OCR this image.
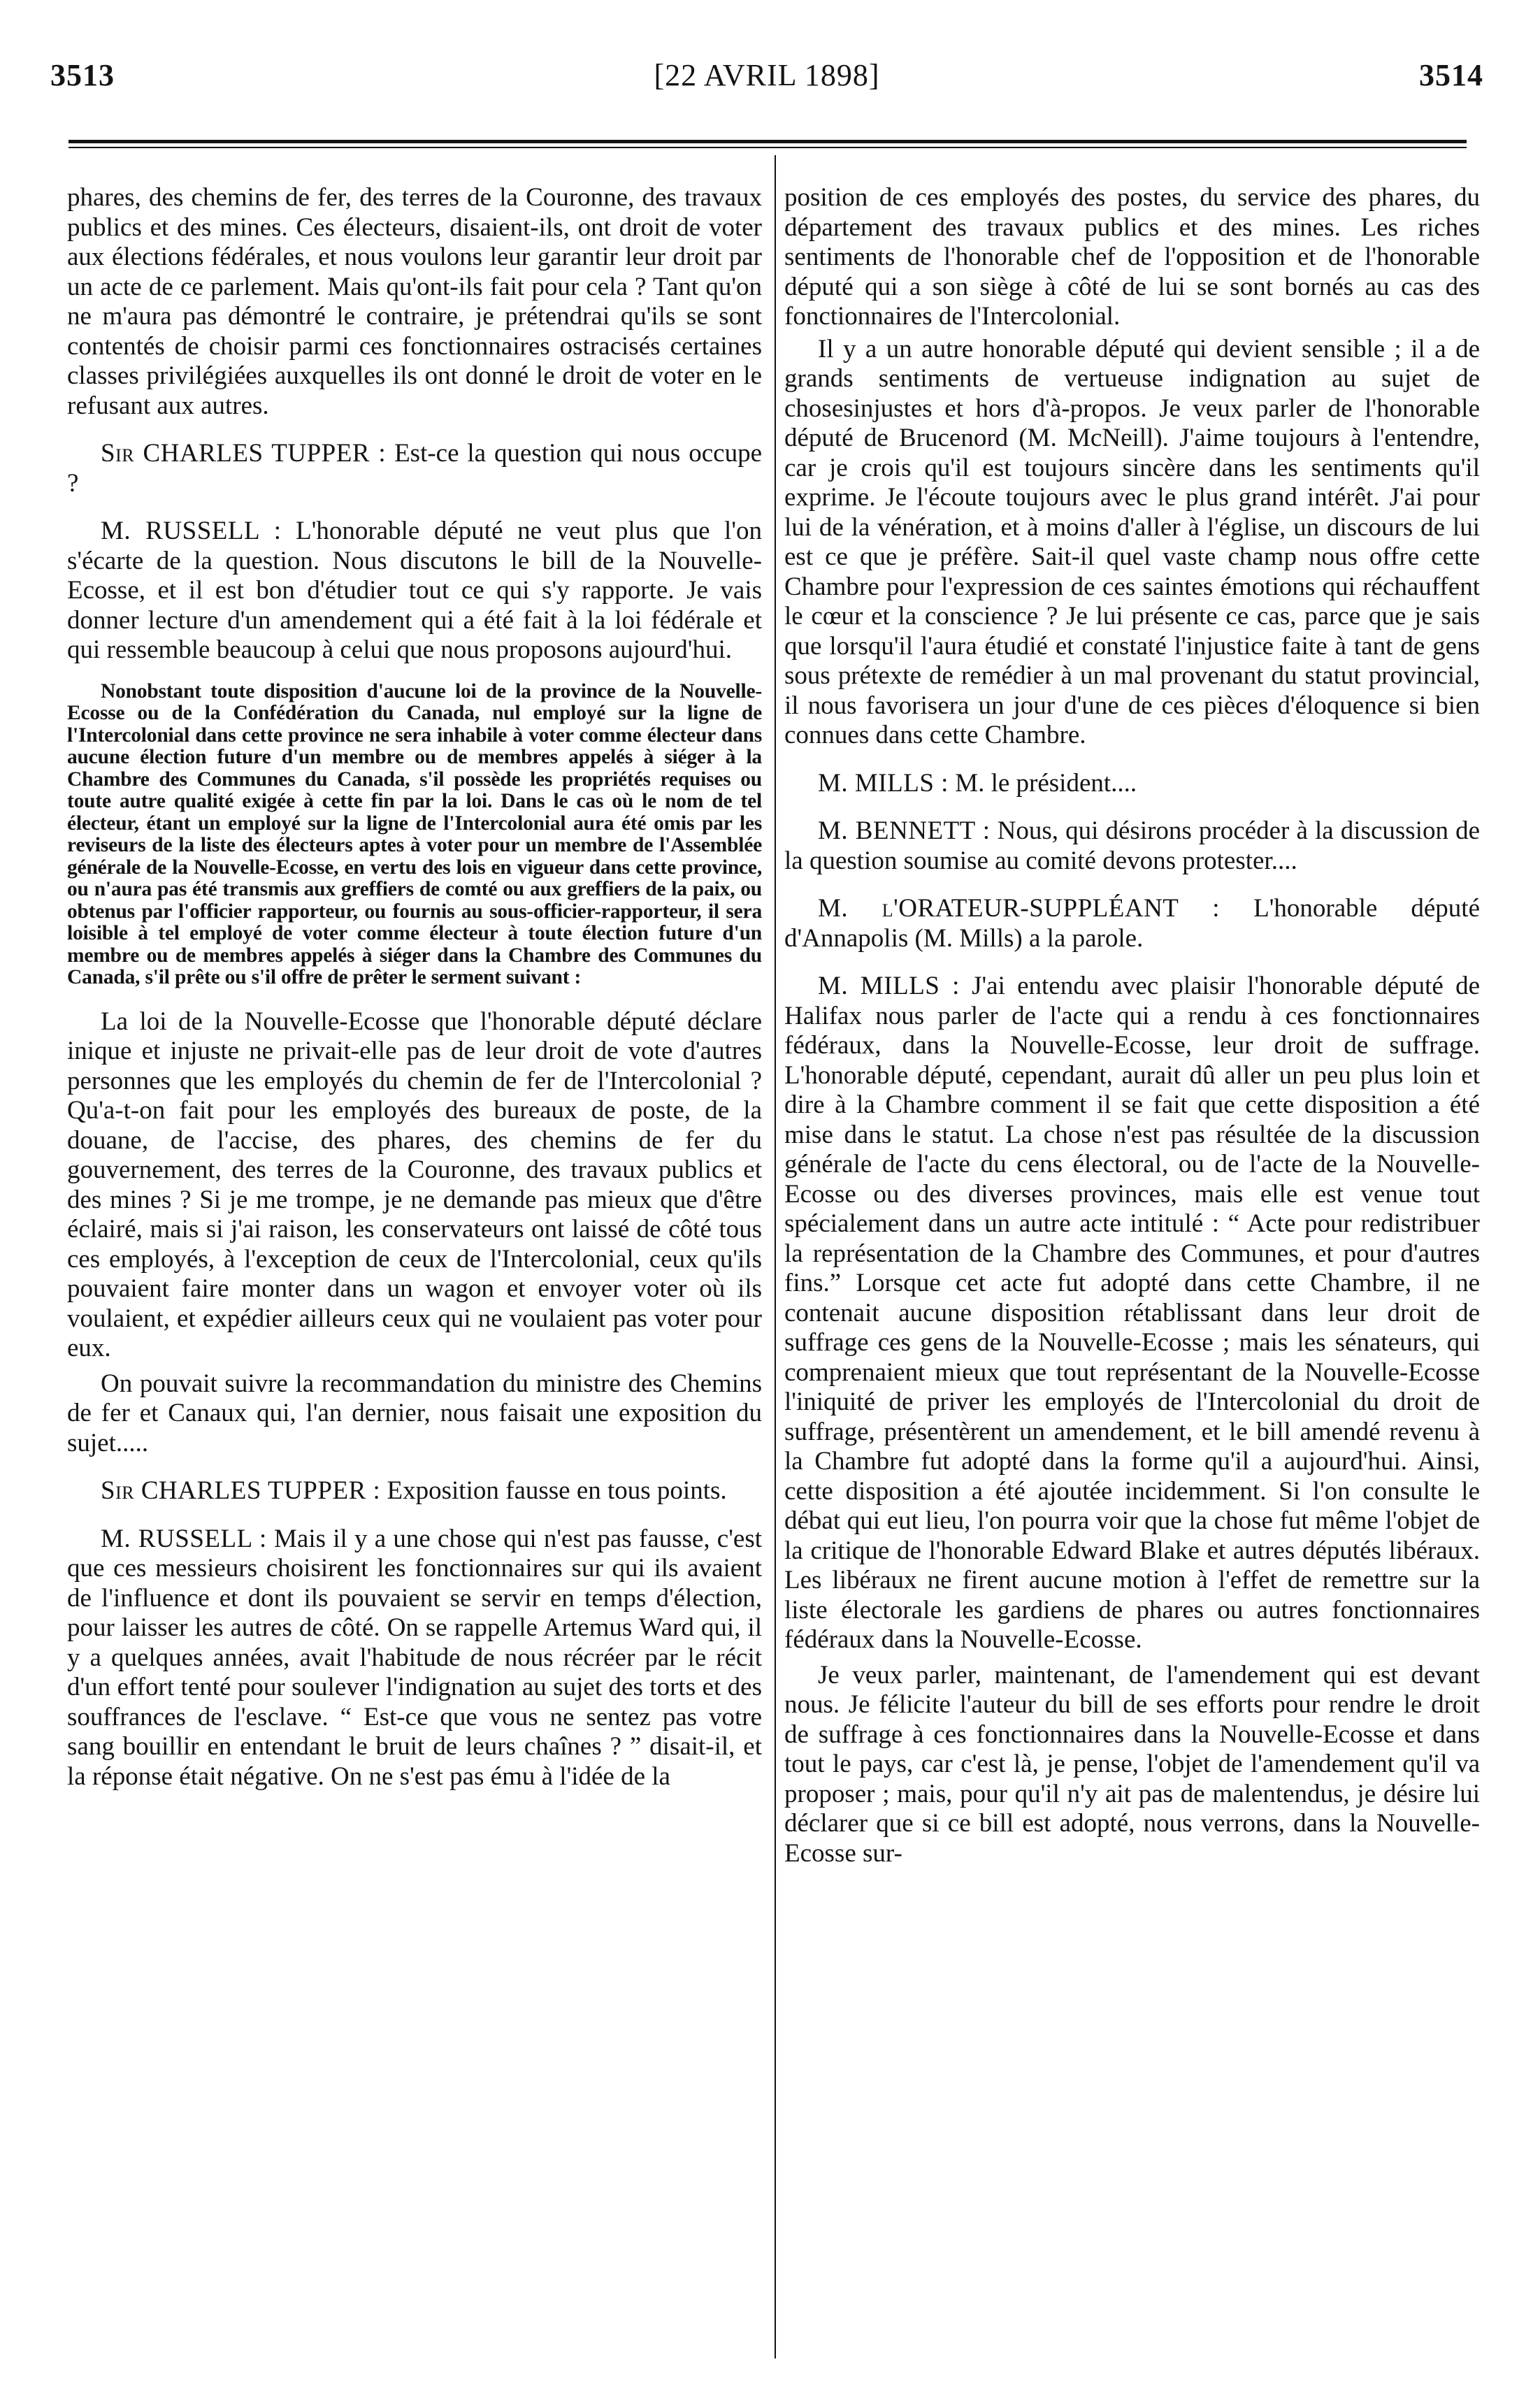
3513	[22 AVRIL 1898]	3514

phares, des chemins de fer, des terres de la Couronne, des travaux publics et des mines. Ces électeurs, disaient-ils, ont droit de voter aux élections fédérales, et nous voulons leur garantir leur droit par un acte de ce parlement. Mais qu'ont-ils fait pour cela ? Tant qu'on ne m'aura pas démontré le contraire, je prétendrai qu'ils se sont contentés de choisir parmi ces fonctionnaires ostracisés certaines classes privilégiées auxquelles ils ont donné le droit de voter en le refusant aux autres.

Sir CHARLES TUPPER : Est-ce la question qui nous occupe ?

M. RUSSELL : L'honorable député ne veut plus que l'on s'écarte de la question. Nous discutons le bill de la Nouvelle-Ecosse, et il est bon d'étudier tout ce qui s'y rapporte. Je vais donner lecture d'un amendement qui a été fait à la loi fédérale et qui ressemble beaucoup à celui que nous proposons aujourd'hui.

Nonobstant toute disposition d'aucune loi de la province de la Nouvelle-Ecosse ou de la Confédération du Canada, nul employé sur la ligne de l'Intercolonial dans cette province ne sera inhabile à voter comme électeur dans aucune élection future d'un membre ou de membres appelés à siéger à la Chambre des Communes du Canada, s'il possède les propriétés requises ou toute autre qualité exigée à cette fin par la loi. Dans le cas où le nom de tel électeur, étant un employé sur la ligne de l'Intercolonial aura été omis par les reviseurs de la liste des électeurs aptes à voter pour un membre de l'Assemblée générale de la Nouvelle-Ecosse, en vertu des lois en vigueur dans cette province, ou n'aura pas été transmis aux greffiers de comté ou aux greffiers de la paix, ou obtenus par l'officier rapporteur, ou fournis au sous-officier-rapporteur, il sera loisible à tel employé de voter comme électeur à toute élection future d'un membre ou de membres appelés à siéger dans la Chambre des Communes du Canada, s'il prête ou s'il offre de prêter le serment suivant :

La loi de la Nouvelle-Ecosse que l'honorable député déclare inique et injuste ne privait-elle pas de leur droit de vote d'autres personnes que les employés du chemin de fer de l'Intercolonial ? Qu'a-t-on fait pour les employés des bureaux de poste, de la douane, de l'accise, des phares, des chemins de fer du gouvernement, des terres de la Couronne, des travaux publics et des mines ? Si je me trompe, je ne demande pas mieux que d'être éclairé, mais si j'ai raison, les conservateurs ont laissé de côté tous ces employés, à l'exception de ceux de l'Intercolonial, ceux qu'ils pouvaient faire monter dans un wagon et envoyer voter où ils voulaient, et expédier ailleurs ceux qui ne voulaient pas voter pour eux.

On pouvait suivre la recommandation du ministre des Chemins de fer et Canaux qui, l'an dernier, nous faisait une exposition du sujet.....

Sir CHARLES TUPPER : Exposition fausse en tous points.

M. RUSSELL : Mais il y a une chose qui n'est pas fausse, c'est que ces messieurs choisirent les fonctionnaires sur qui ils avaient de l'influence et dont ils pouvaient se servir en temps d'élection, pour laisser les autres de côté. On se rappelle Artemus Ward qui, il y a quelques années, avait l'habitude de nous récréer par le récit d'un effort tenté pour soulever l'indignation au sujet des torts et des souffrances de l'esclave. “ Est-ce que vous ne sentez pas votre sang bouillir en entendant le bruit de leurs chaînes ? ” disait-il, et la réponse était négative. On ne s'est pas ému à l'idée de la

position de ces employés des postes, du service des phares, du département des travaux publics et des mines. Les riches sentiments de l'honorable chef de l'opposition et de l'honorable député qui a son siège à côté de lui se sont bornés au cas des fonctionnaires de l'Intercolonial.

Il y a un autre honorable député qui devient sensible ; il a de grands sentiments de vertueuse indignation au sujet de chosesinjustes et hors d'à-propos. Je veux parler de l'honorable député de Brucenord (M. McNeill). J'aime toujours à l'entendre, car je crois qu'il est toujours sincère dans les sentiments qu'il exprime. Je l'écoute toujours avec le plus grand intérêt. J'ai pour lui de la vénération, et à moins d'aller à l'église, un discours de lui est ce que je préfère. Sait-il quel vaste champ nous offre cette Chambre pour l'expression de ces saintes émotions qui réchauffent le cœur et la conscience ? Je lui présente ce cas, parce que je sais que lorsqu'il l'aura étudié et constaté l'injustice faite à tant de gens sous prétexte de remédier à un mal provenant du statut provincial, il nous favorisera un jour d'une de ces pièces d'éloquence si bien connues dans cette Chambre.

M. MILLS : M. le président....

M. BENNETT : Nous, qui désirons procéder à la discussion de la question soumise au comité devons protester....

M. l'ORATEUR-SUPPLÉANT : L'honorable député d'Annapolis (M. Mills) a la parole.

M. MILLS : J'ai entendu avec plaisir l'honorable député de Halifax nous parler de l'acte qui a rendu à ces fonctionnaires fédéraux, dans la Nouvelle-Ecosse, leur droit de suffrage. L'honorable député, cependant, aurait dû aller un peu plus loin et dire à la Chambre comment il se fait que cette disposition a été mise dans le statut. La chose n'est pas résultée de la discussion générale de l'acte du cens électoral, ou de l'acte de la Nouvelle-Ecosse ou des diverses provinces, mais elle est venue tout spécialement dans un autre acte intitulé : “ Acte pour redistribuer la représentation de la Chambre des Communes, et pour d'autres fins.” Lorsque cet acte fut adopté dans cette Chambre, il ne contenait aucune disposition rétablissant dans leur droit de suffrage ces gens de la Nouvelle-Ecosse ; mais les sénateurs, qui comprenaient mieux que tout représentant de la Nouvelle-Ecosse l'iniquité de priver les employés de l'Intercolonial du droit de suffrage, présentèrent un amendement, et le bill amendé revenu à la Chambre fut adopté dans la forme qu'il a aujourd'hui. Ainsi, cette disposition a été ajoutée incidemment. Si l'on consulte le débat qui eut lieu, l'on pourra voir que la chose fut même l'objet de la critique de l'honorable Edward Blake et autres députés libéraux. Les libéraux ne firent aucune motion à l'effet de remettre sur la liste électorale les gardiens de phares ou autres fonctionnaires fédéraux dans la Nouvelle-Ecosse.

Je veux parler, maintenant, de l'amendement qui est devant nous. Je félicite l'auteur du bill de ses efforts pour rendre le droit de suffrage à ces fonctionnaires dans la Nouvelle-Ecosse et dans tout le pays, car c'est là, je pense, l'objet de l'amendement qu'il va proposer ; mais, pour qu'il n'y ait pas de malentendus, je désire lui déclarer que si ce bill est adopté, nous verrons, dans la Nouvelle-Ecosse sur-
